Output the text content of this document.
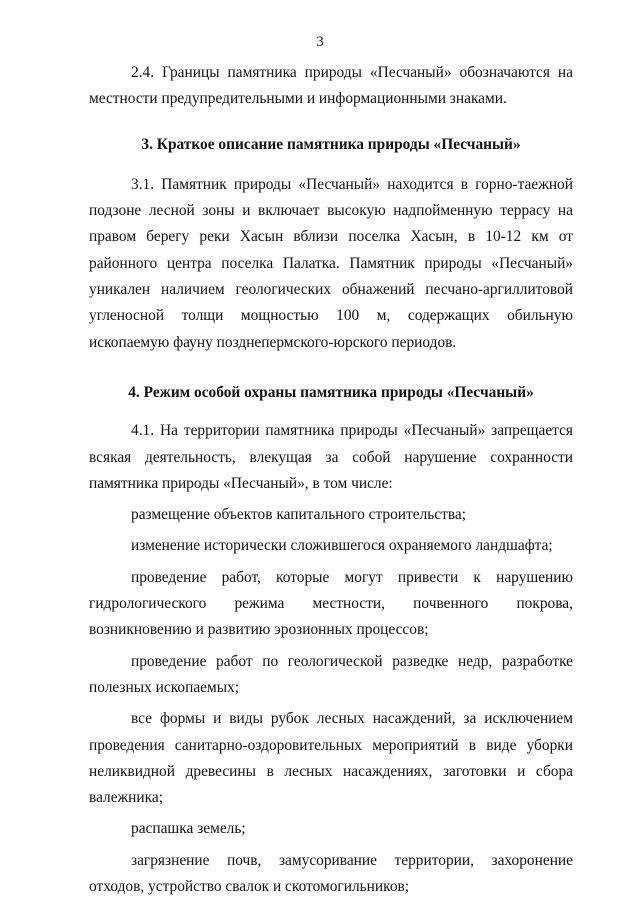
3

2.4. Границы памятника природы «Песчаный» обозначаются на местности предупредительными и информационными знаками.

3. Краткое описание памятника природы «Песчаный»

3.1. Памятник природы «Песчаный» находится в горно-таежной подзоне лесной зоны и включает высокую надпойменную террасу на правом берегу реки Хасын вблизи поселка Хасын, в 10-12 км от районного центра поселка Палатка. Памятник природы «Песчаный» уникален наличием геологических обнажений песчано-аргиллитовой угленосной толщи мощностью 100 м, содержащих обильную ископаемую фауну позднепермского-юрского периодов.

4. Режим особой охраны памятника природы «Песчаный»

4.1. На территории памятника природы «Песчаный» запрещается всякая деятельность, влекущая за собой нарушение сохранности памятника природы «Песчаный», в том числе:

размещение объектов капитального строительства;

изменение исторически сложившегося охраняемого ландшафта;

проведение работ, которые могут привести к нарушению гидрологического режима местности, почвенного покрова, возникновению и развитию эрозионных процессов;

проведение работ по геологической разведке недр, разработке полезных ископаемых;

все формы и виды рубок лесных насаждений, за исключением проведения санитарно-оздоровительных мероприятий в виде уборки неликвидной древесины в лесных насаждениях, заготовки и сбора валежника;

распашка земель;

загрязнение почв, замусоривание территории, захоронение отходов, устройство свалок и скотомогильников;
